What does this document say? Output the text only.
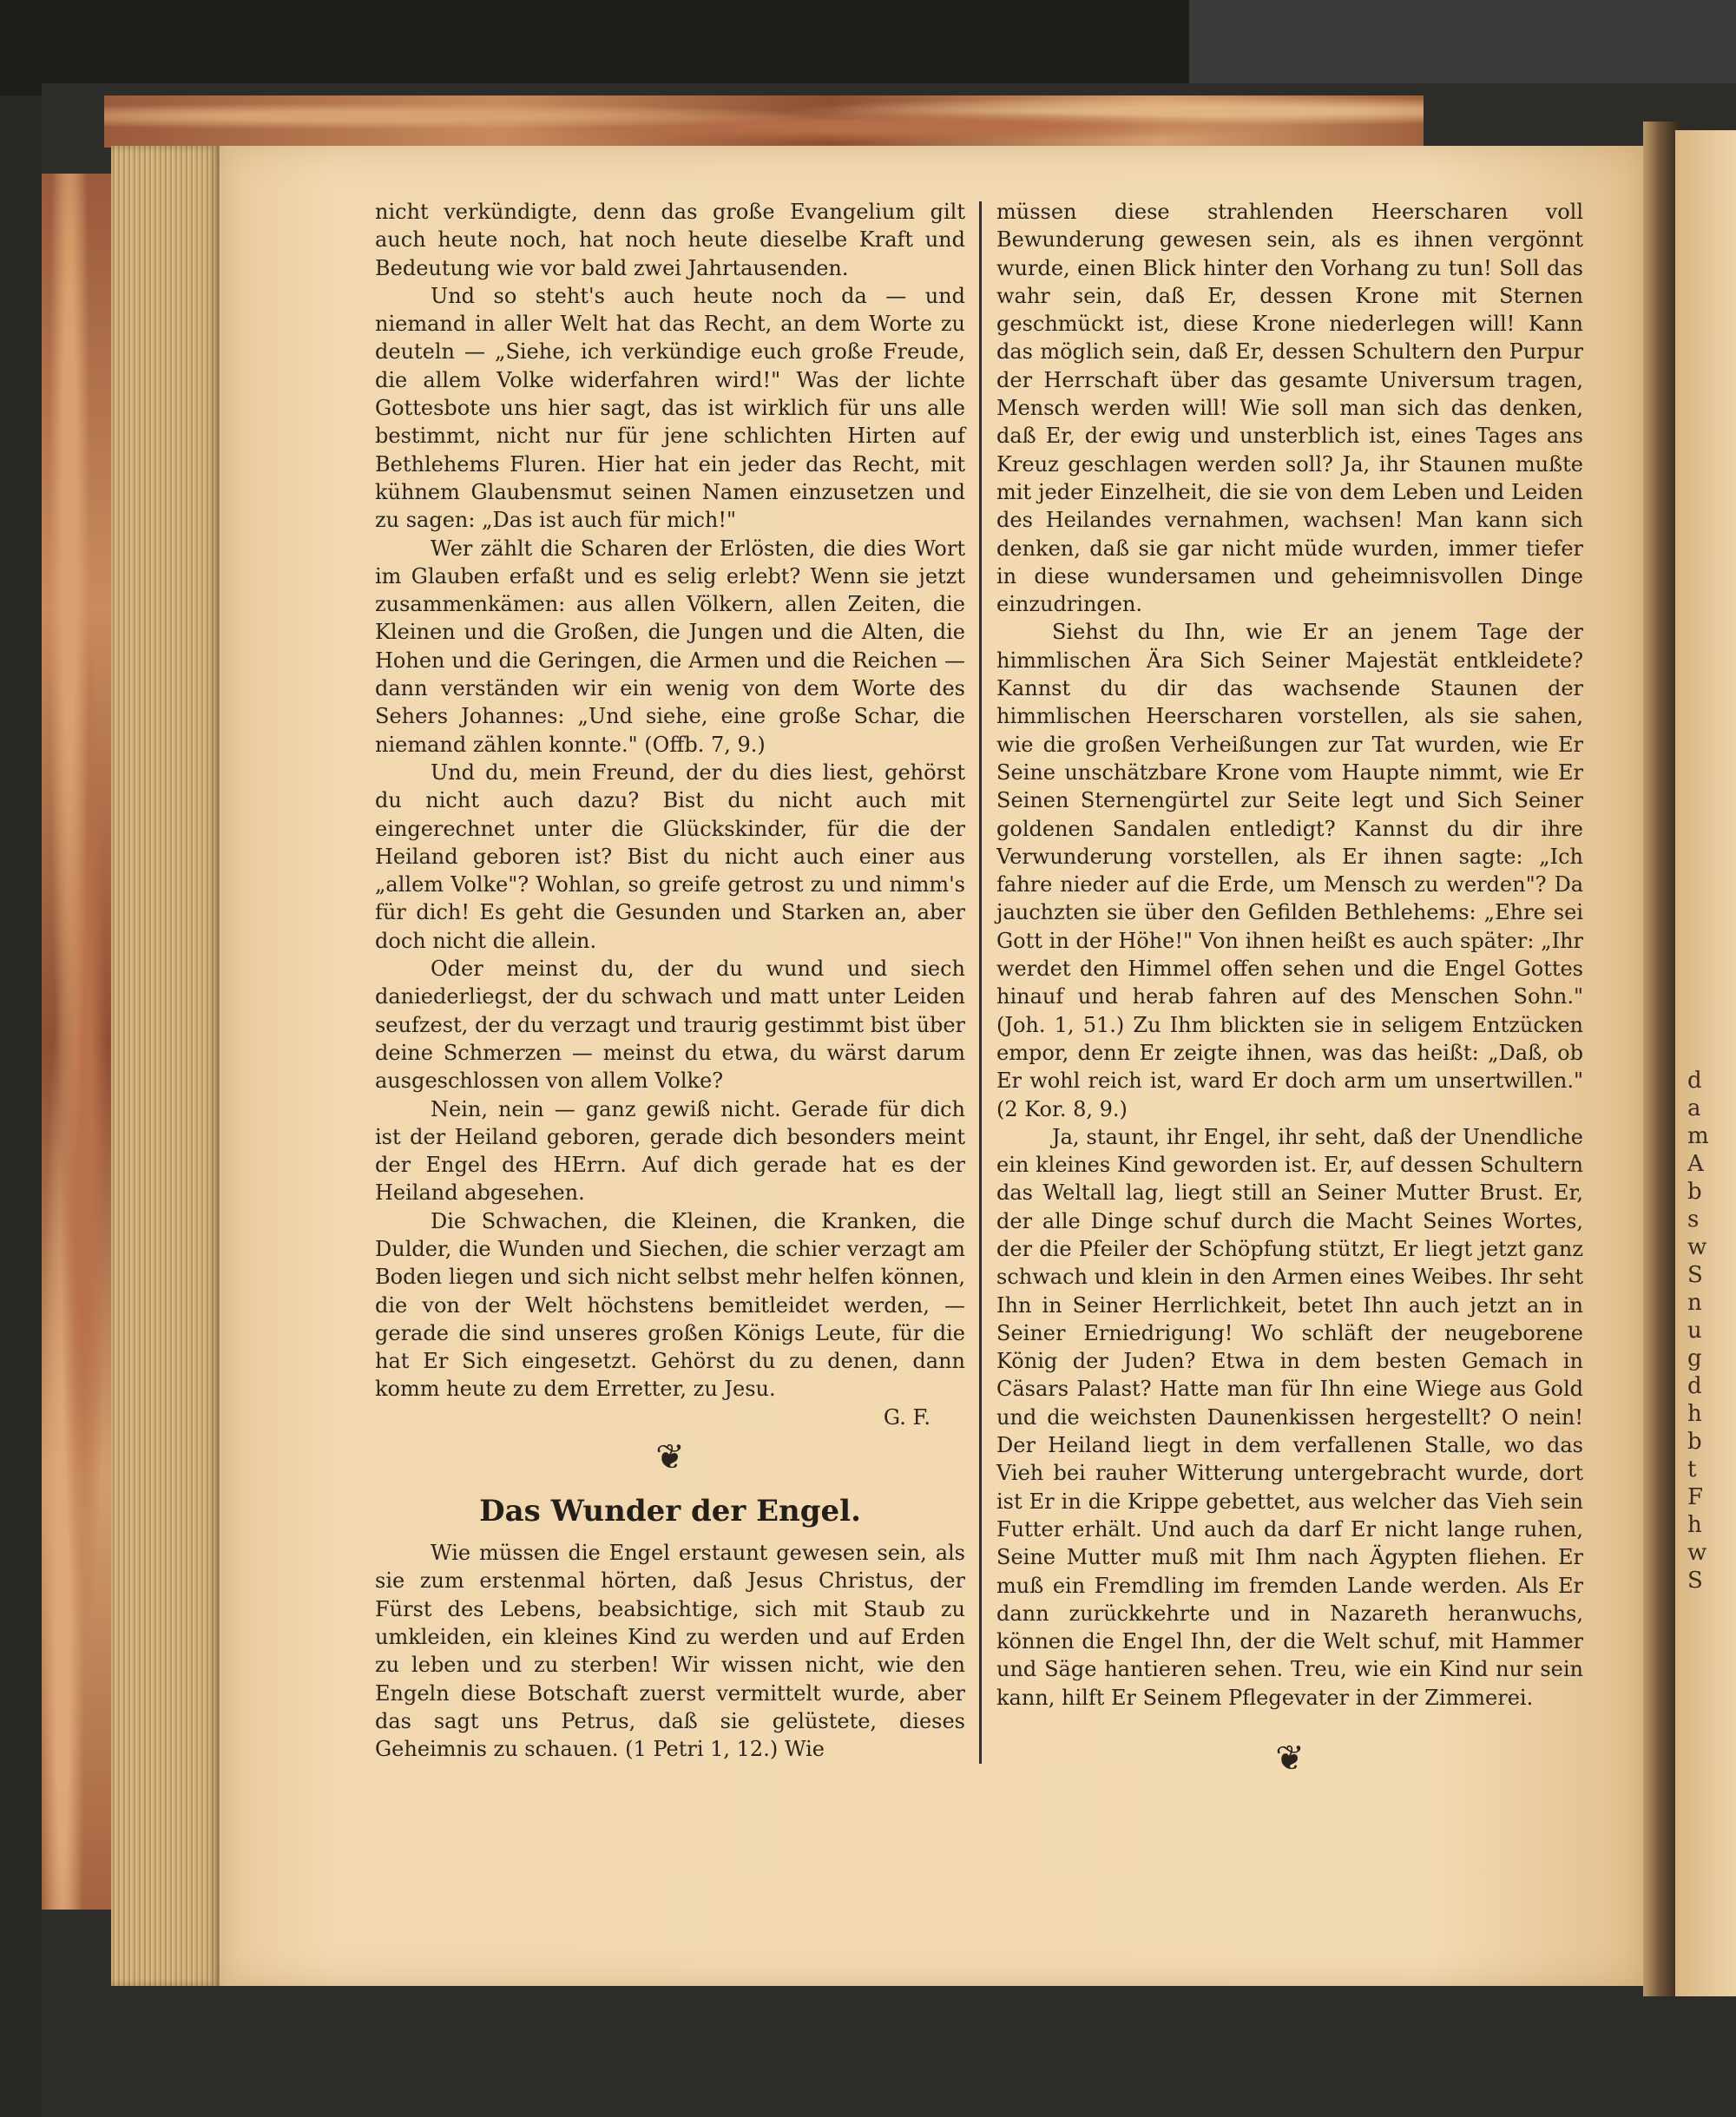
d
a
m
A
b
s
w
S
n
u
g
d
h
b
t
F
h
w
S

nicht verkündigte, denn das große Evangelium gilt auch heute noch, hat noch heute dieselbe Kraft und Bedeutung wie vor bald zwei Jahrtausenden.

Und so steht's auch heute noch da — und niemand in aller Welt hat das Recht, an dem Worte zu deuteln — „Siehe, ich verkündige euch große Freude, die allem Volke widerfahren wird!" Was der lichte Gottesbote uns hier sagt, das ist wirklich für uns alle bestimmt, nicht nur für jene schlichten Hirten auf Bethlehems Fluren. Hier hat ein jeder das Recht, mit kühnem Glaubensmut seinen Namen einzusetzen und zu sagen: „Das ist auch für mich!"

Wer zählt die Scharen der Erlösten, die dies Wort im Glauben erfaßt und es selig erlebt? Wenn sie jetzt zusammenkämen: aus allen Völkern, allen Zeiten, die Kleinen und die Großen, die Jungen und die Alten, die Hohen und die Geringen, die Armen und die Reichen — dann verständen wir ein wenig von dem Worte des Sehers Johannes: „Und siehe, eine große Schar, die niemand zählen konnte." (Offb. 7, 9.)

Und du, mein Freund, der du dies liest, gehörst du nicht auch dazu? Bist du nicht auch mit eingerechnet unter die Glückskinder, für die der Heiland geboren ist? Bist du nicht auch einer aus „allem Volke"? Wohlan, so greife getrost zu und nimm's für dich! Es geht die Gesunden und Starken an, aber doch nicht die allein.

Oder meinst du, der du wund und siech daniederliegst, der du schwach und matt unter Leiden seufzest, der du verzagt und traurig gestimmt bist über deine Schmerzen — meinst du etwa, du wärst darum ausgeschlossen von allem Volke?

Nein, nein — ganz gewiß nicht. Gerade für dich ist der Heiland geboren, gerade dich besonders meint der Engel des HErrn. Auf dich gerade hat es der Heiland abgesehen.

Die Schwachen, die Kleinen, die Kranken, die Dulder, die Wunden und Siechen, die schier verzagt am Boden liegen und sich nicht selbst mehr helfen können, die von der Welt höchstens bemitleidet werden, — gerade die sind unseres großen Königs Leute, für die hat Er Sich eingesetzt. Gehörst du zu denen, dann komm heute zu dem Erretter, zu Jesu.

G. F.
❦
Das Wunder der Engel.

Wie müssen die Engel erstaunt gewesen sein, als sie zum erstenmal hörten, daß Jesus Christus, der Fürst des Lebens, beabsichtige, sich mit Staub zu umkleiden, ein kleines Kind zu werden und auf Erden zu leben und zu sterben! Wir wissen nicht, wie den Engeln diese Botschaft zuerst vermittelt wurde, aber das sagt uns Petrus, daß sie gelüstete, dieses Geheimnis zu schauen. (1 Petri 1, 12.) Wie

müssen diese strahlenden Heerscharen voll Bewunderung gewesen sein, als es ihnen vergönnt wurde, einen Blick hinter den Vorhang zu tun! Soll das wahr sein, daß Er, dessen Krone mit Sternen geschmückt ist, diese Krone niederlegen will! Kann das möglich sein, daß Er, dessen Schultern den Purpur der Herrschaft über das gesamte Universum tragen, Mensch werden will! Wie soll man sich das denken, daß Er, der ewig und unsterblich ist, eines Tages ans Kreuz geschlagen werden soll? Ja, ihr Staunen mußte mit jeder Einzelheit, die sie von dem Leben und Leiden des Heilandes vernahmen, wachsen! Man kann sich denken, daß sie gar nicht müde wurden, immer tiefer in diese wundersamen und geheimnisvollen Dinge einzudringen.

Siehst du Ihn, wie Er an jenem Tage der himmlischen Ära Sich Seiner Majestät entkleidete? Kannst du dir das wachsende Staunen der himmlischen Heerscharen vorstellen, als sie sahen, wie die großen Verheißungen zur Tat wurden, wie Er Seine unschätzbare Krone vom Haupte nimmt, wie Er Seinen Sternengürtel zur Seite legt und Sich Seiner goldenen Sandalen entledigt? Kannst du dir ihre Verwunderung vorstellen, als Er ihnen sagte: „Ich fahre nieder auf die Erde, um Mensch zu werden"? Da jauchzten sie über den Gefilden Bethlehems: „Ehre sei Gott in der Höhe!" Von ihnen heißt es auch später: „Ihr werdet den Himmel offen sehen und die Engel Gottes hinauf und herab fahren auf des Menschen Sohn." (Joh. 1, 51.) Zu Ihm blickten sie in seligem Entzücken empor, denn Er zeigte ihnen, was das heißt: „Daß, ob Er wohl reich ist, ward Er doch arm um unsertwillen." (2 Kor. 8, 9.)

Ja, staunt, ihr Engel, ihr seht, daß der Unendliche ein kleines Kind geworden ist. Er, auf dessen Schultern das Weltall lag, liegt still an Seiner Mutter Brust. Er, der alle Dinge schuf durch die Macht Seines Wortes, der die Pfeiler der Schöpfung stützt, Er liegt jetzt ganz schwach und klein in den Armen eines Weibes. Ihr seht Ihn in Seiner Herrlichkeit, betet Ihn auch jetzt an in Seiner Erniedrigung! Wo schläft der neugeborene König der Juden? Etwa in dem besten Gemach in Cäsars Palast? Hatte man für Ihn eine Wiege aus Gold und die weichsten Daunenkissen hergestellt? O nein! Der Heiland liegt in dem verfallenen Stalle, wo das Vieh bei rauher Witterung untergebracht wurde, dort ist Er in die Krippe gebettet, aus welcher das Vieh sein Futter erhält. Und auch da darf Er nicht lange ruhen, Seine Mutter muß mit Ihm nach Ägypten fliehen. Er muß ein Fremdling im fremden Lande werden. Als Er dann zurückkehrte und in Nazareth heranwuchs, können die Engel Ihn, der die Welt schuf, mit Hammer und Säge hantieren sehen. Treu, wie ein Kind nur sein kann, hilft Er Seinem Pflegevater in der Zimmerei.

❦
